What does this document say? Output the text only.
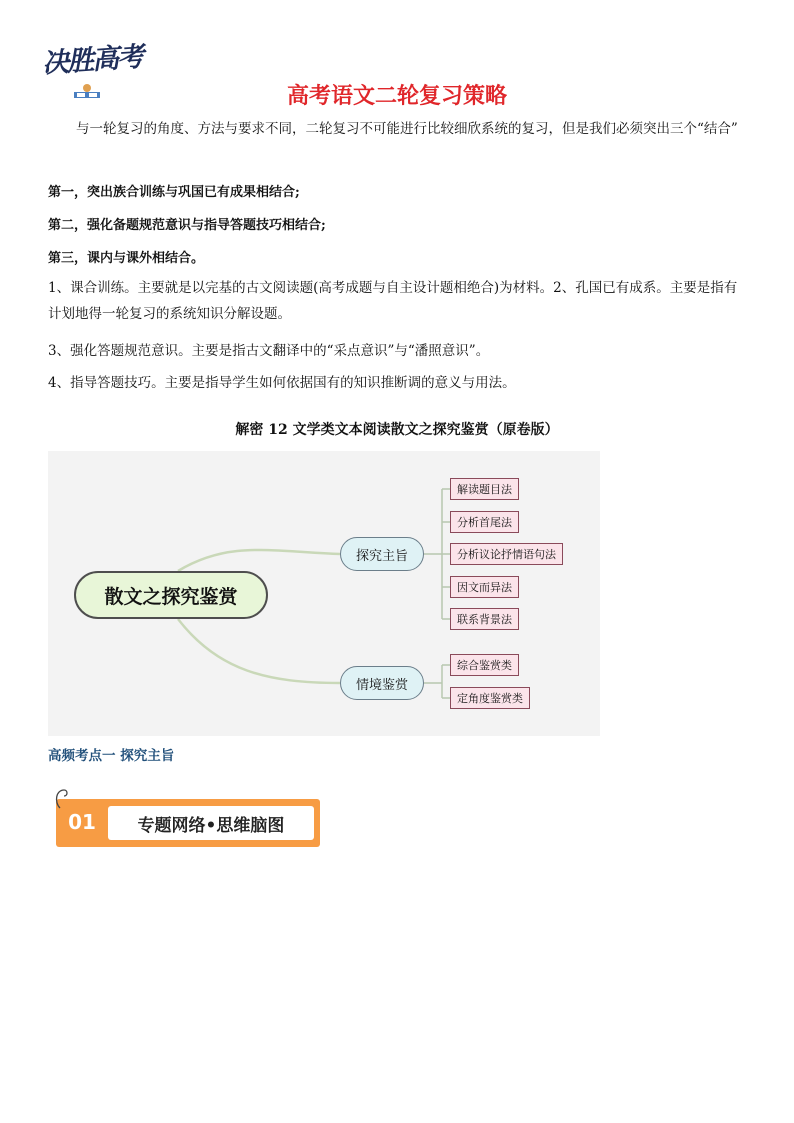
决胜高考
高考语文二轮复习策略
与一轮复习的角度、方法与要求不同，二轮复习不可能进行比较细欣系统的复习，但是我们必须突出三个“结合”
第一，突出族合训练与巩国已有成果相结合;
第二，强化备题规范意识与指导答题技巧相结合;
第三，课内与课外相结合。
1、课合训练。主要就是以完基的古文阅读题(高考成题与自主设计题相绝合)为材料。2、孔国已有成系。主要是指有计划地得一轮复习的系统知识分解设题。
3、强化答题规范意识。主要是指古文翻译中的“采点意识”与“潘照意识”。
4、指导答题技巧。主要是指导学生如何依据国有的知识推断调的意义与用法。
解密 12 文学类文本阅读散文之探究鉴赏（原卷版）
散文之探究鉴赏
探究主旨
情境鉴赏
解读题目法
分析首尾法
分析议论抒情语句法
因文而异法
联系背景法
综合鉴赏类
定角度鉴赏类
高频考点一 探究主旨
01	专题网络•思维脑图
